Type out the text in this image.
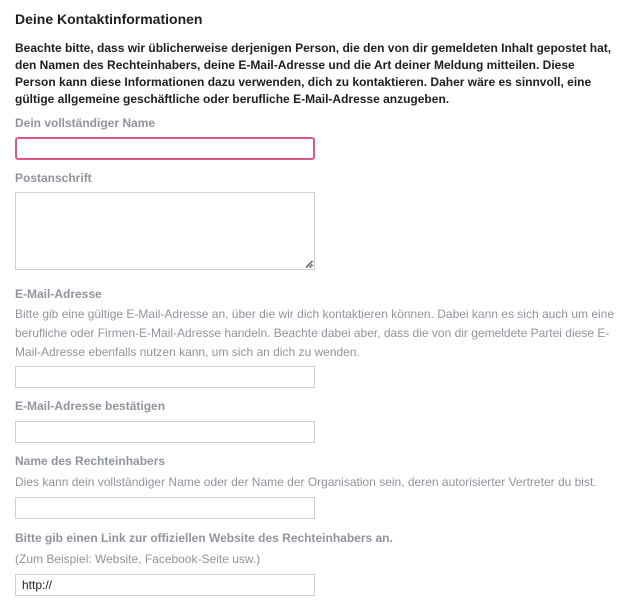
Deine Kontaktinformationen

Beachte bitte, dass wir üblicherweise derjenigen Person, die den von dir gemeldeten Inhalt gepostet hat, den Namen des Rechteinhabers, deine E-Mail-Adresse und die Art deiner Meldung mitteilen. Diese Person kann diese Informationen dazu verwenden, dich zu kontaktieren. Daher wäre es sinnvoll, eine gültige allgemeine geschäftliche oder berufliche E-Mail-Adresse anzugeben.

Dein vollständiger Name
Postanschrift
E-Mail-Adresse

Bitte gib eine gültige E-Mail-Adresse an, über die wir dich kontaktieren können. Dabei kann es sich auch um eine berufliche oder Firmen-E-Mail-Adresse handeln. Beachte dabei aber, dass die von dir gemeldete Partei diese E-Mail-Adresse ebenfalls nutzen kann, um sich an dich zu wenden.

E-Mail-Adresse bestätigen
Name des Rechteinhabers

Dies kann dein vollständiger Name oder der Name der Organisation sein, deren autorisierter Vertreter du bist.

Bitte gib einen Link zur offiziellen Website des Rechteinhabers an.

(Zum Beispiel: Website, Facebook-Seite usw.)

http://
